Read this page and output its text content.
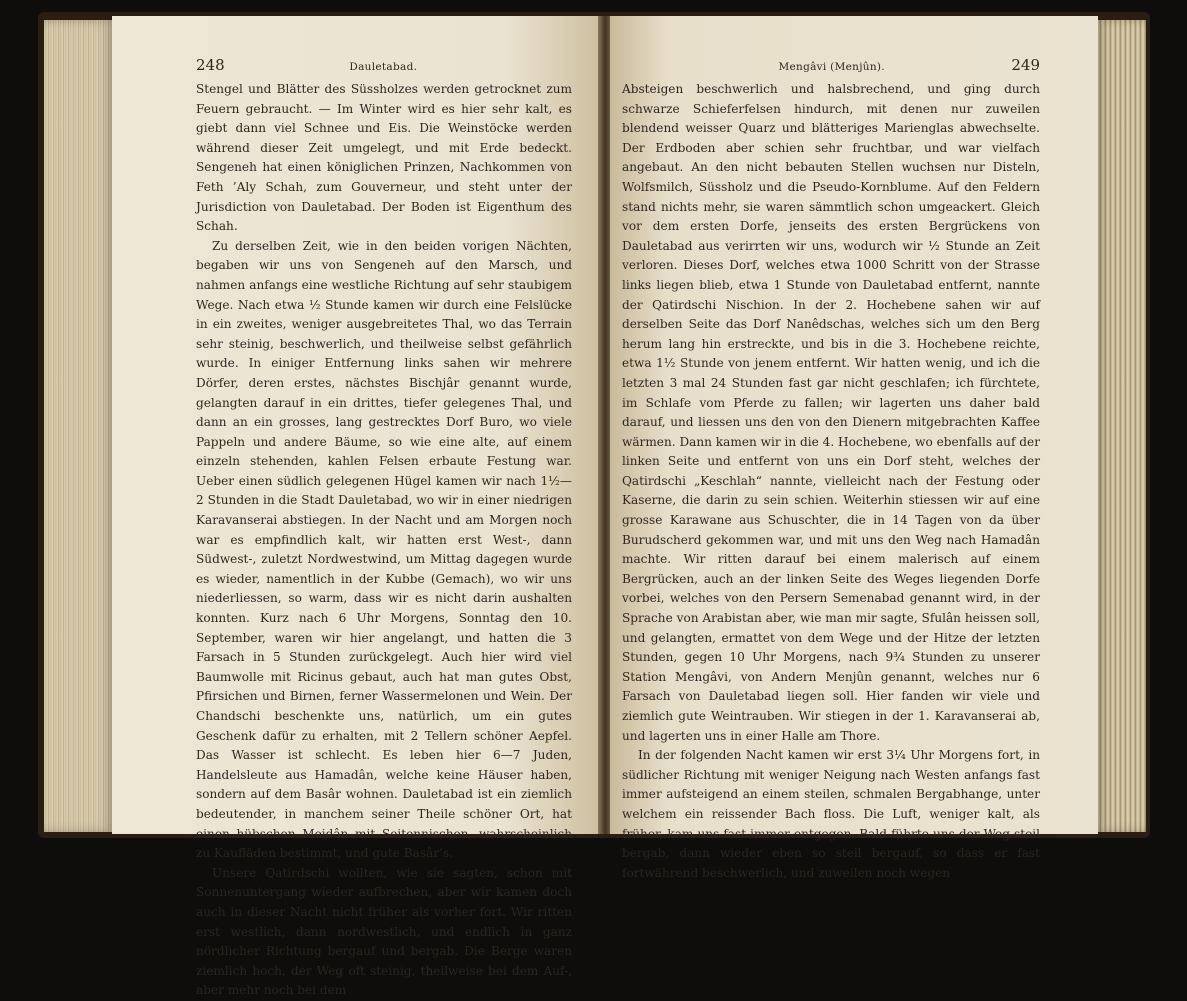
248	Dauletabad.

Stengel und Blätter des Süssholzes werden getrocknet zum Feuern gebraucht. — Im Winter wird es hier sehr kalt, es giebt dann viel Schnee und Eis. Die Weinstöcke werden während dieser Zeit umgelegt, und mit Erde bedeckt. Sengeneh hat einen königlichen Prinzen, Nachkommen von Feth ’Aly Schah, zum Gouverneur, und steht unter der Jurisdiction von Dauletabad. Der Boden ist Eigenthum des Schah.

Zu derselben Zeit, wie in den beiden vorigen Nächten, begaben wir uns von Sengeneh auf den Marsch, und nahmen anfangs eine westliche Richtung auf sehr staubigem Wege. Nach etwa ½ Stunde kamen wir durch eine Felslücke in ein zweites, weniger ausgebreitetes Thal, wo das Terrain sehr steinig, beschwerlich, und theilweise selbst gefährlich wurde. In einiger Entfernung links sahen wir mehrere Dörfer, deren erstes, nächstes Bischjâr genannt wurde, gelangten darauf in ein drittes, tiefer gelegenes Thal, und dann an ein grosses, lang gestrecktes Dorf Buro, wo viele Pappeln und andere Bäume, so wie eine alte, auf einem einzeln stehenden, kahlen Felsen erbaute Festung war. Ueber einen südlich gelegenen Hügel kamen wir nach 1½—2 Stunden in die Stadt Dauletabad, wo wir in einer niedrigen Karavanserai abstiegen. In der Nacht und am Morgen noch war es empfindlich kalt, wir hatten erst West-, dann Südwest-, zuletzt Nordwestwind, um Mittag dagegen wurde es wieder, namentlich in der Kubbe (Gemach), wo wir uns niederliessen, so warm, dass wir es nicht darin aushalten konnten. Kurz nach 6 Uhr Morgens, Sonntag den 10. September, waren wir hier angelangt, und hatten die 3 Farsach in 5 Stunden zurückgelegt. Auch hier wird viel Baumwolle mit Ricinus gebaut, auch hat man gutes Obst, Pfirsichen und Birnen, ferner Wassermelonen und Wein. Der Chandschi beschenkte uns, natürlich, um ein gutes Geschenk dafür zu erhalten, mit 2 Tellern schöner Aepfel. Das Wasser ist schlecht. Es leben hier 6—7 Juden, Handelsleute aus Hamadân, welche keine Häuser haben, sondern auf dem Basâr wohnen. Dauletabad ist ein ziemlich bedeutender, in manchem seiner Theile schöner Ort, hat einen hübschen Meidân mit Seitennischen, wahrscheinlich zu Kaufläden bestimmt, und gute Basâr’s.

Unsere Qatirdschi wollten, wie sie sagten, schon mit Sonnenuntergang wieder aufbrechen, aber wir kamen doch auch in dieser Nacht nicht früher als vorher fort. Wir ritten erst westlich, dann nordwestlich, und endlich in ganz nördlicher Richtung bergauf und bergab. Die Berge waren ziemlich hoch, der Weg oft steinig, theilweise bei dem Auf-, aber mehr noch bei dem

Mengâvi (Menjûn).	249

Absteigen beschwerlich und halsbrechend, und ging durch schwarze Schieferfelsen hindurch, mit denen nur zuweilen blendend weisser Quarz und blätteriges Marienglas abwechselte. Der Erdboden aber schien sehr fruchtbar, und war vielfach angebaut. An den nicht bebauten Stellen wuchsen nur Disteln, Wolfsmilch, Süssholz und die Pseudo-Kornblume. Auf den Feldern stand nichts mehr, sie waren sämmtlich schon umgeackert. Gleich vor dem ersten Dorfe, jenseits des ersten Bergrückens von Dauletabad aus verirrten wir uns, wodurch wir ½ Stunde an Zeit verloren. Dieses Dorf, welches etwa 1000 Schritt von der Strasse links liegen blieb, etwa 1 Stunde von Dauletabad entfernt, nannte der Qatirdschi Nischion. In der 2. Hochebene sahen wir auf derselben Seite das Dorf Nanêdschas, welches sich um den Berg herum lang hin erstreckte, und bis in die 3. Hochebene reichte, etwa 1½ Stunde von jenem entfernt. Wir hatten wenig, und ich die letzten 3 mal 24 Stunden fast gar nicht geschlafen; ich fürchtete, im Schlafe vom Pferde zu fallen; wir lagerten uns daher bald darauf, und liessen uns den von den Dienern mitgebrachten Kaffee wärmen. Dann kamen wir in die 4. Hochebene, wo ebenfalls auf der linken Seite und entfernt von uns ein Dorf steht, welches der Qatirdschi „Keschlah“ nannte, vielleicht nach der Festung oder Kaserne, die darin zu sein schien. Weiterhin stiessen wir auf eine grosse Karawane aus Schuschter, die in 14 Tagen von da über Burudscherd gekommen war, und mit uns den Weg nach Hamadân machte. Wir ritten darauf bei einem malerisch auf einem Bergrücken, auch an der linken Seite des Weges liegenden Dorfe vorbei, welches von den Persern Semenabad genannt wird, in der Sprache von Arabistan aber, wie man mir sagte, Sfulân heissen soll, und gelangten, ermattet von dem Wege und der Hitze der letzten Stunden, gegen 10 Uhr Morgens, nach 9¾ Stunden zu unserer Station Mengâvi, von Andern Menjûn genannt, welches nur 6 Farsach von Dauletabad liegen soll. Hier fanden wir viele und ziemlich gute Weintrauben. Wir stiegen in der 1. Karavanserai ab, und lagerten uns in einer Halle am Thore.

In der folgenden Nacht kamen wir erst 3¼ Uhr Morgens fort, in südlicher Richtung mit weniger Neigung nach Westen anfangs fast immer aufsteigend an einem steilen, schmalen Bergabhange, unter welchem ein reissender Bach floss. Die Luft, weniger kalt, als früher, kam uns fast immer entgegen. Bald führte uns der Weg steil bergab, dann wieder eben so steil bergauf, so dass er fast fortwährend beschwerlich, und zuweilen noch wegen
